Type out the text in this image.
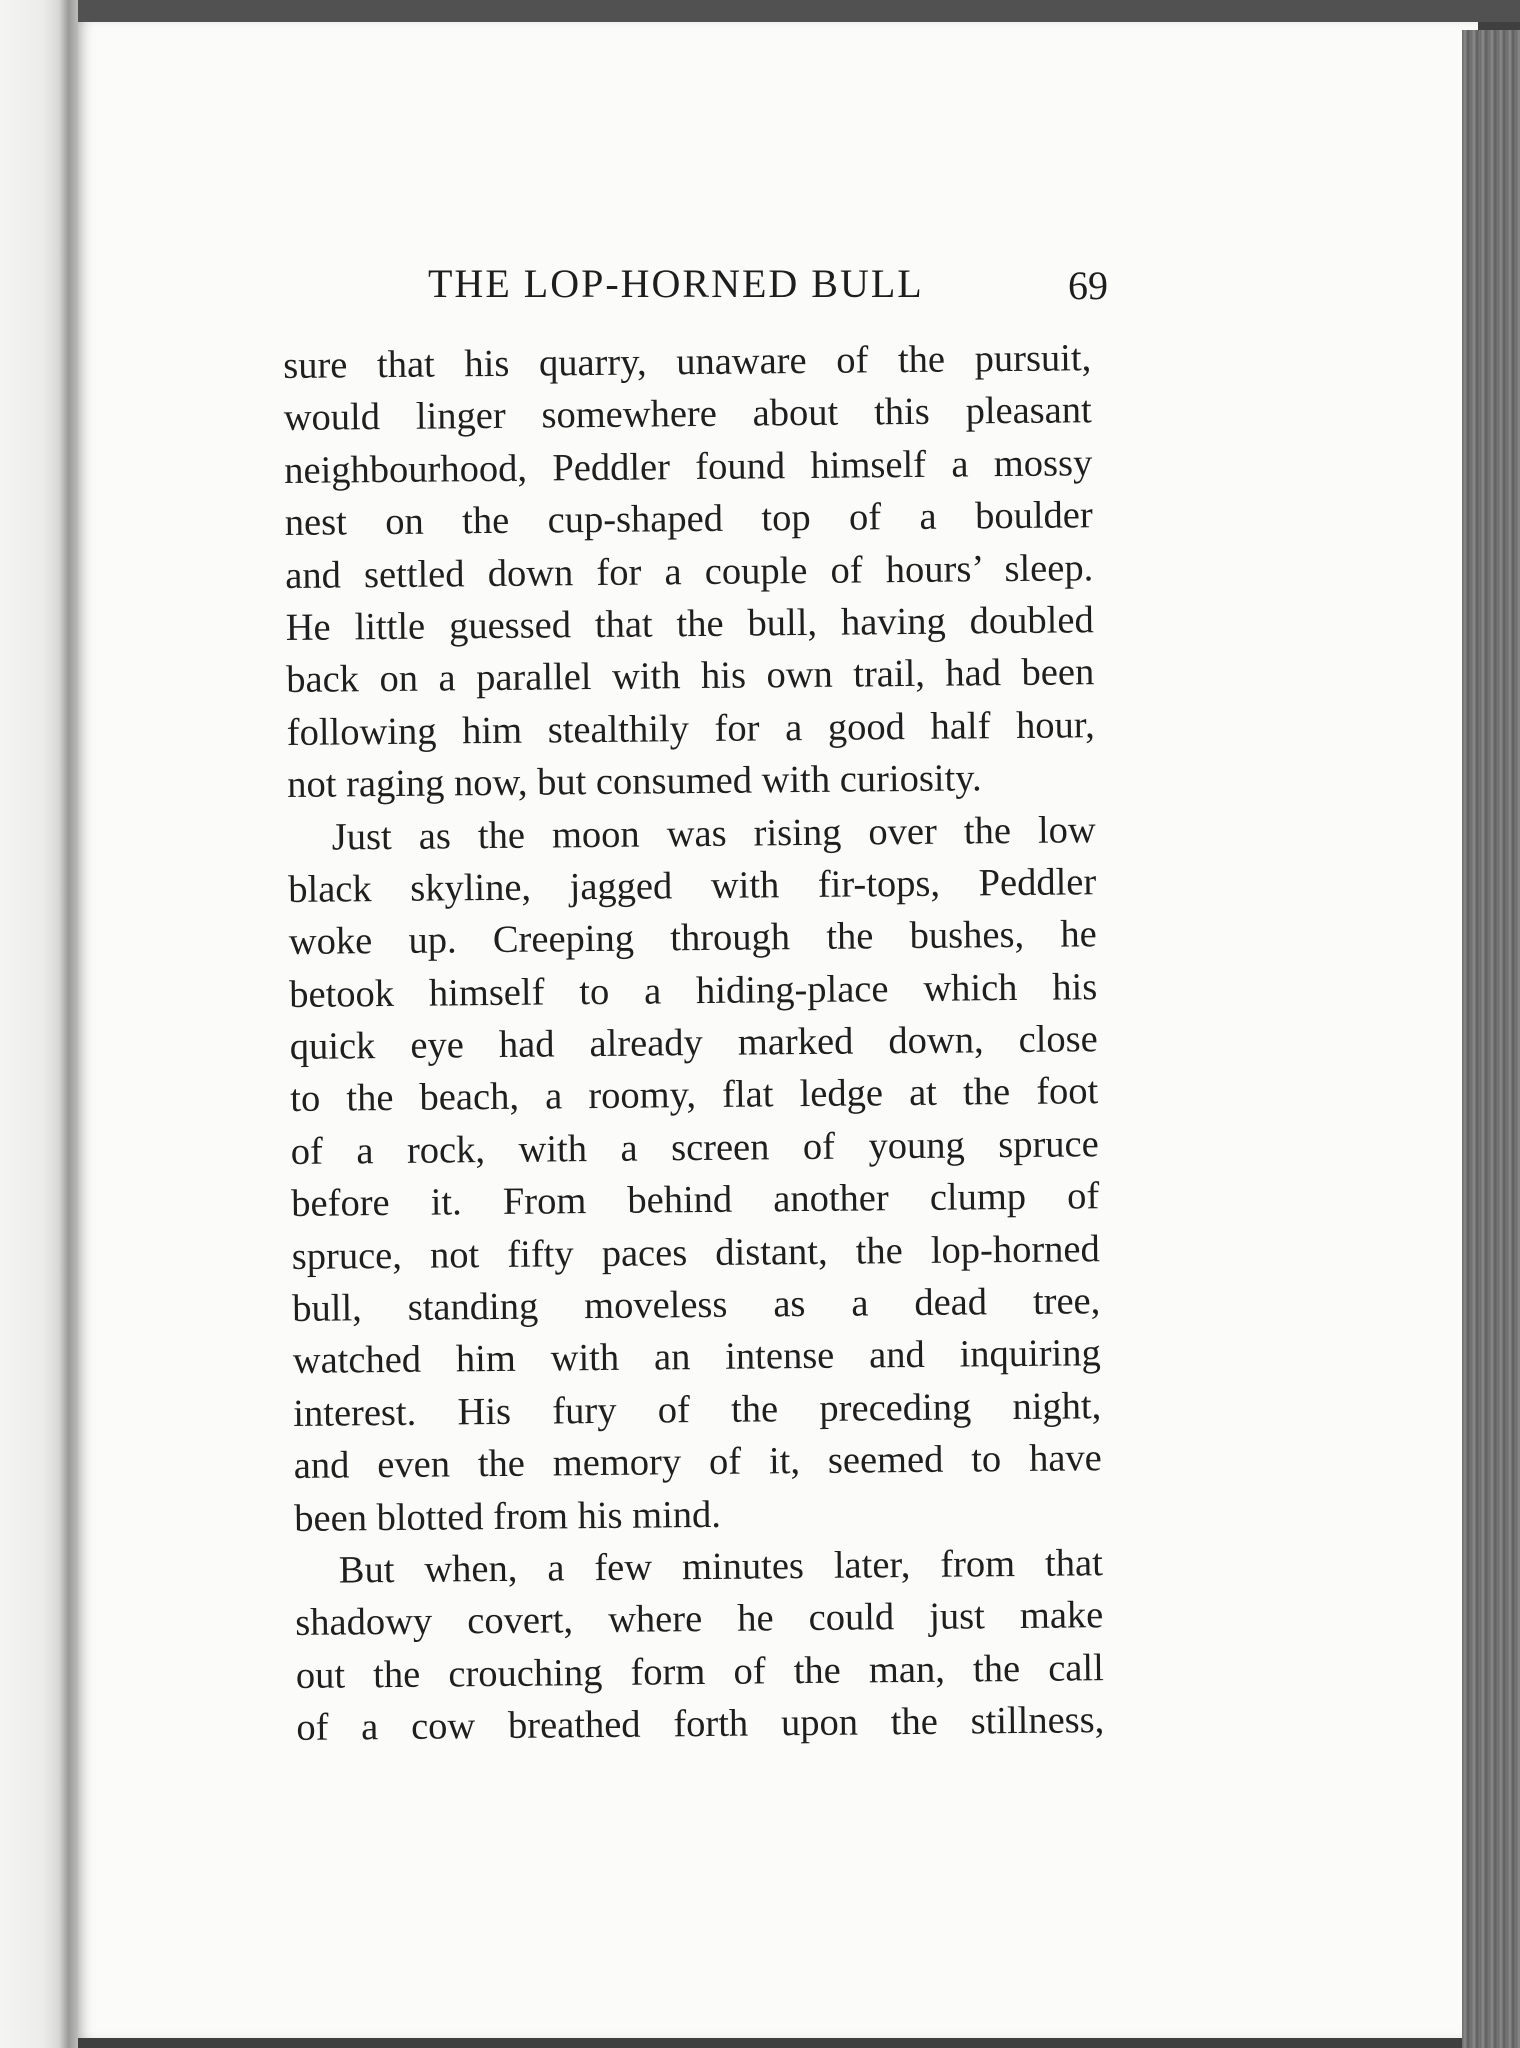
THE LOP-HORNED BULL	69
sure that his quarry, unaware of the pursuit,
would linger somewhere about this pleasant
neighbourhood, Peddler found himself a mossy
nest on the cup-shaped top of a boulder
and settled down for a couple of hours’ sleep.
He little guessed that the bull, having doubled
back on a parallel with his own trail, had been
following him stealthily for a good half hour,
not raging now, but consumed with curiosity.
Just as the moon was rising over the low
black skyline, jagged with fir-tops, Peddler
woke up. Creeping through the bushes, he
betook himself to a hiding-place which his
quick eye had already marked down, close
to the beach, a roomy, flat ledge at the foot
of a rock, with a screen of young spruce
before it. From behind another clump of
spruce, not fifty paces distant, the lop-horned
bull, standing moveless as a dead tree,
watched him with an intense and inquiring
interest. His fury of the preceding night,
and even the memory of it, seemed to have
been blotted from his mind.
But when, a few minutes later, from that
shadowy covert, where he could just make
out the crouching form of the man, the call
of a cow breathed forth upon the stillness,
